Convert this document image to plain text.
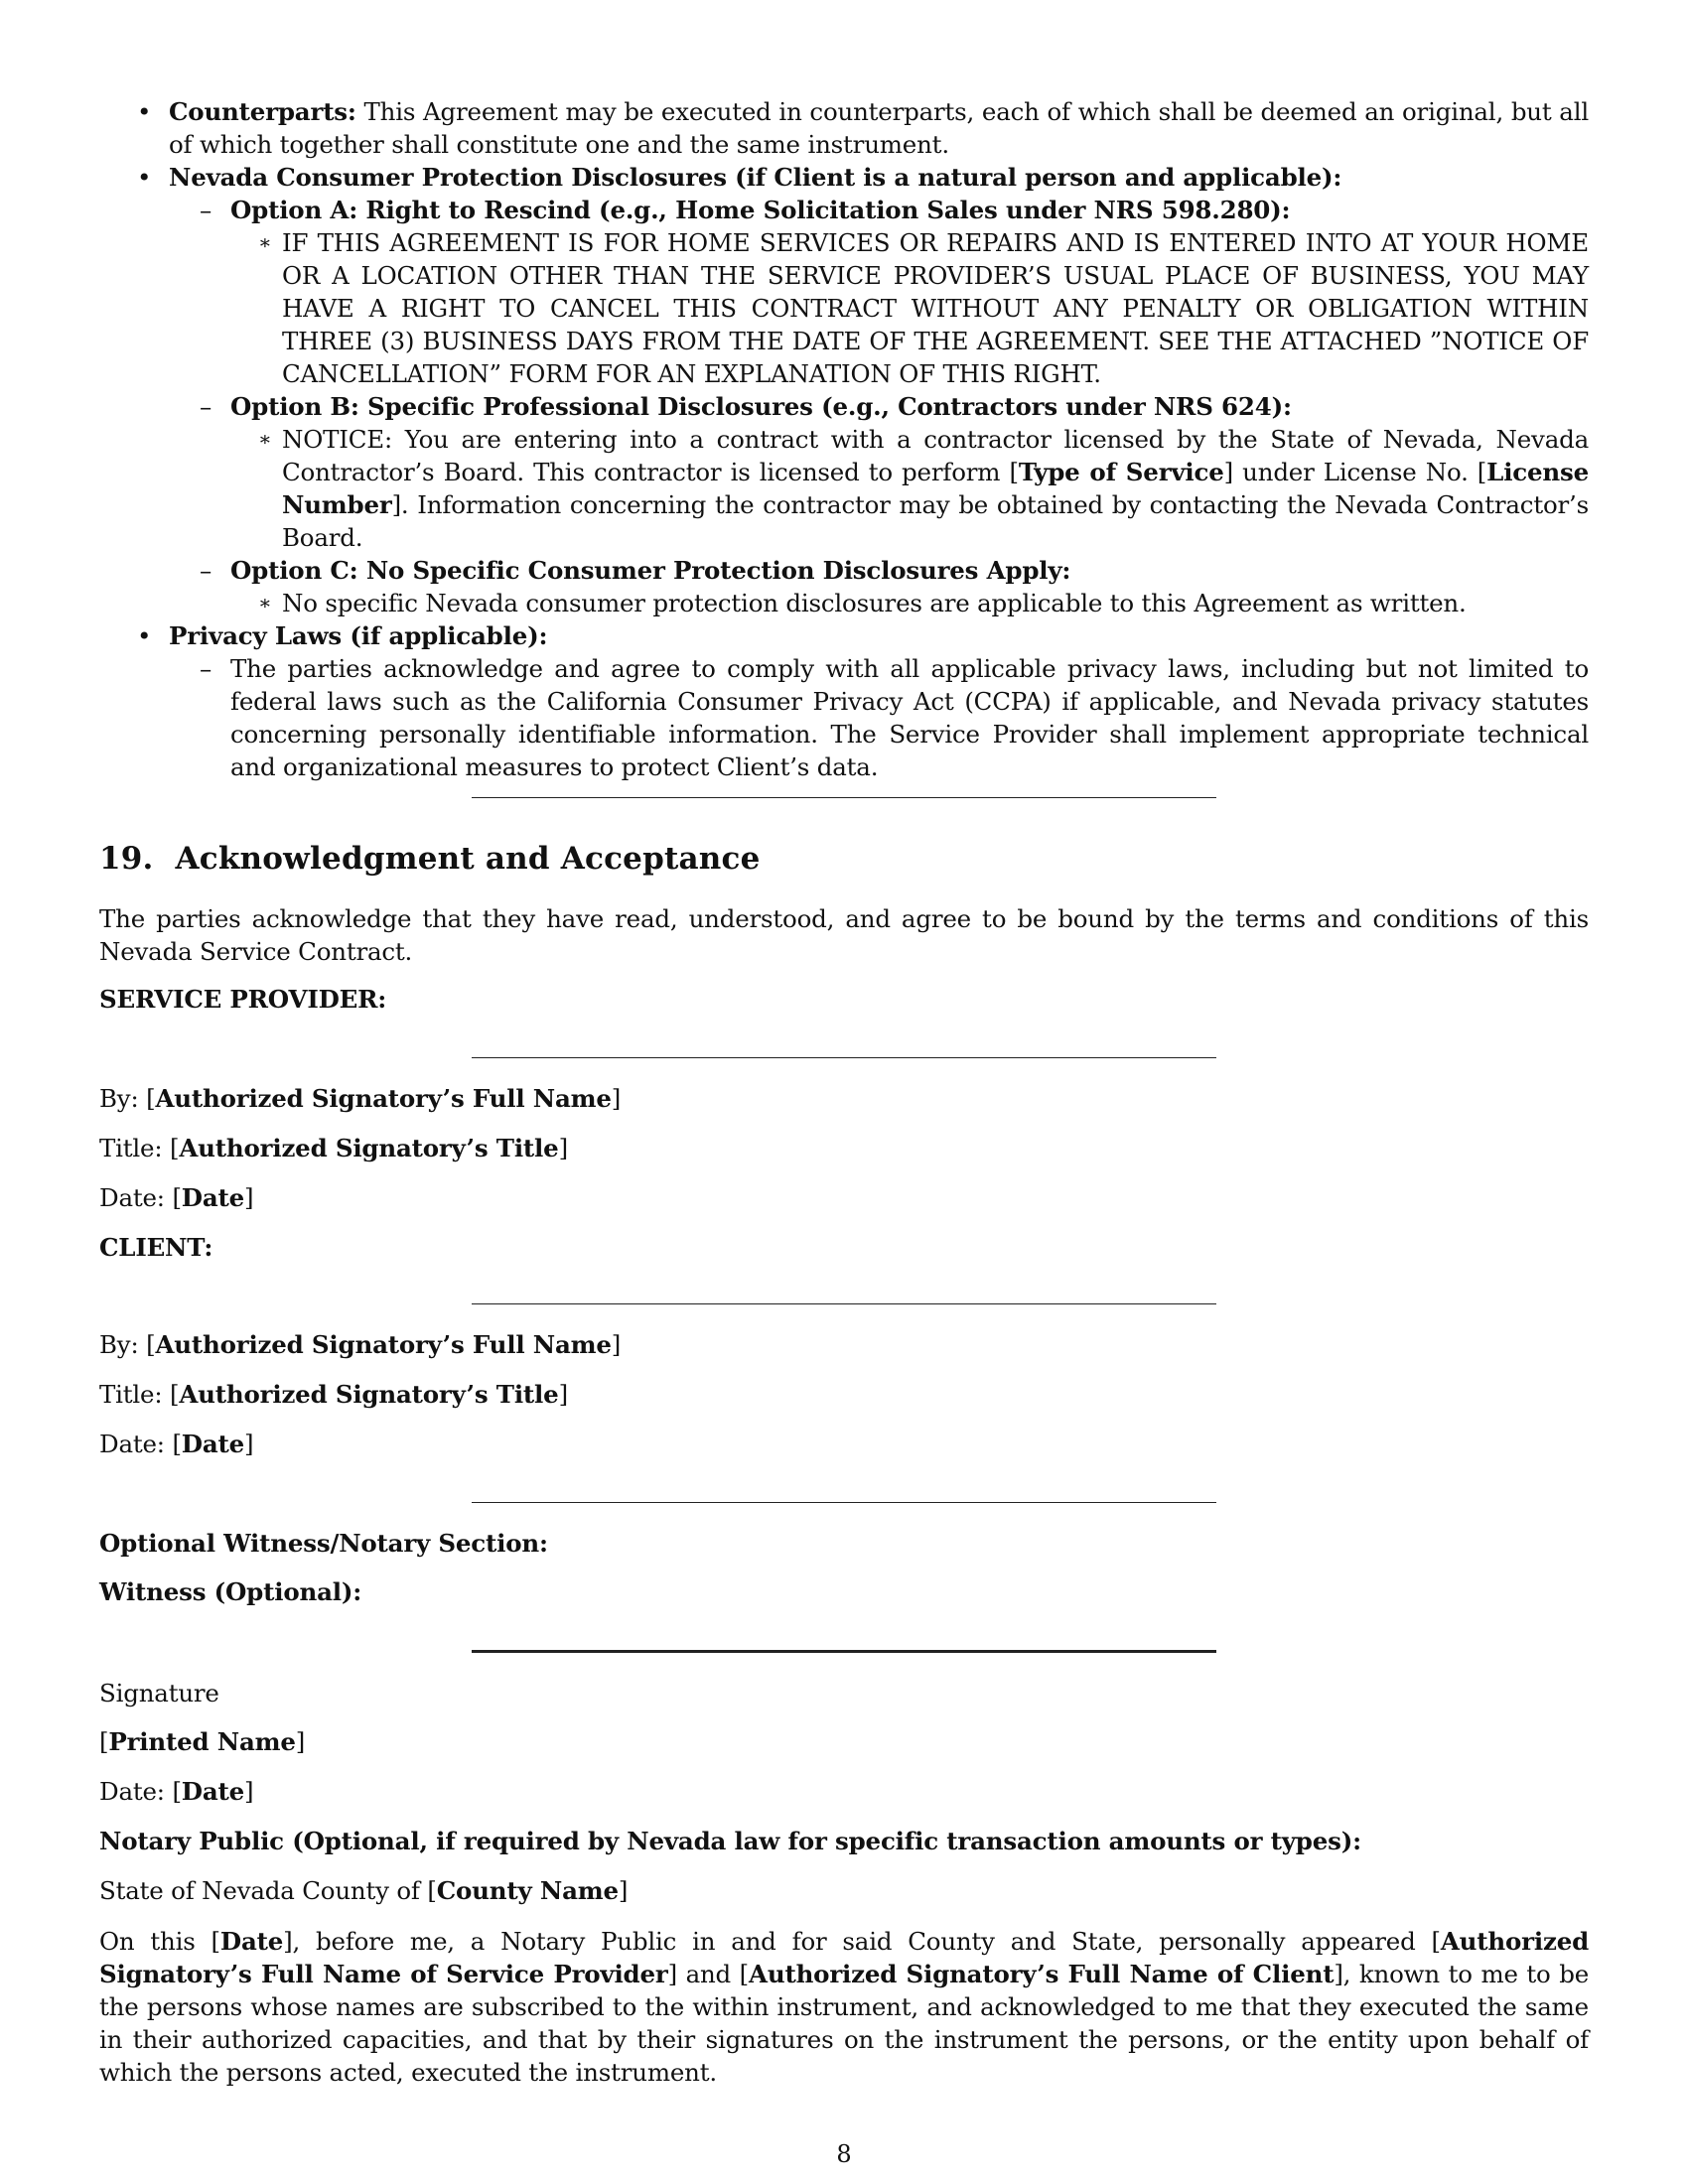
• Counterparts: This Agreement may be executed in counterparts, each of which shall be deemed an original, but all of which together shall constitute one and the same instrument.
• Nevada Consumer Protection Disclosures (if Client is a natural person and applicable):
– Option A: Right to Rescind (e.g., Home Solicitation Sales under NRS 598.280):
∗ IF THIS AGREEMENT IS FOR HOME SERVICES OR REPAIRS AND IS ENTERED INTO AT YOUR HOME OR A LOCATION OTHER THAN THE SERVICE PROVIDER’S USUAL PLACE OF BUSINESS, YOU MAY HAVE A RIGHT TO CANCEL THIS CONTRACT WITHOUT ANY PENALTY OR OBLIGATION WITHIN THREE (3) BUSINESS DAYS FROM THE DATE OF THE AGREEMENT. SEE THE ATTACHED ”NOTICE OF CANCELLATION” FORM FOR AN EXPLANATION OF THIS RIGHT.
– Option B: Specific Professional Disclosures (e.g., Contractors under NRS 624):
∗ NOTICE: You are entering into a contract with a contractor licensed by the State of Nevada, Nevada Contractor’s Board. This contractor is licensed to perform [Type of Service] under License No. [License Number]. Information concerning the contractor may be obtained by contacting the Nevada Contractor’s Board.
– Option C: No Specific Consumer Protection Disclosures Apply:
∗ No specific Nevada consumer protection disclosures are applicable to this Agreement as written.
• Privacy Laws (if applicable):
– The parties acknowledge and agree to comply with all applicable privacy laws, including but not limited to federal laws such as the California Consumer Privacy Act (CCPA) if applicable, and Nevada privacy statutes concerning personally identifiable information. The Service Provider shall implement appropriate technical and organizational measures to protect Client’s data.
19. Acknowledgment and Acceptance
The parties acknowledge that they have read, understood, and agree to be bound by the terms and conditions of this Nevada Service Contract.
SERVICE PROVIDER:
By: [Authorized Signatory’s Full Name]
Title: [Authorized Signatory’s Title]
Date: [Date]
CLIENT:
By: [Authorized Signatory’s Full Name]
Title: [Authorized Signatory’s Title]
Date: [Date]
Optional Witness/Notary Section:
Witness (Optional):
Signature
[Printed Name]
Date: [Date]
Notary Public (Optional, if required by Nevada law for specific transaction amounts or types):
State of Nevada County of [County Name]
On this [Date], before me, a Notary Public in and for said County and State, personally appeared [Authorized Signatory’s Full Name of Service Provider] and [Authorized Signatory’s Full Name of Client], known to me to be the persons whose names are subscribed to the within instrument, and acknowledged to me that they executed the same in their authorized capacities, and that by their signatures on the instrument the persons, or the entity upon behalf of which the persons acted, executed the instrument.
8
